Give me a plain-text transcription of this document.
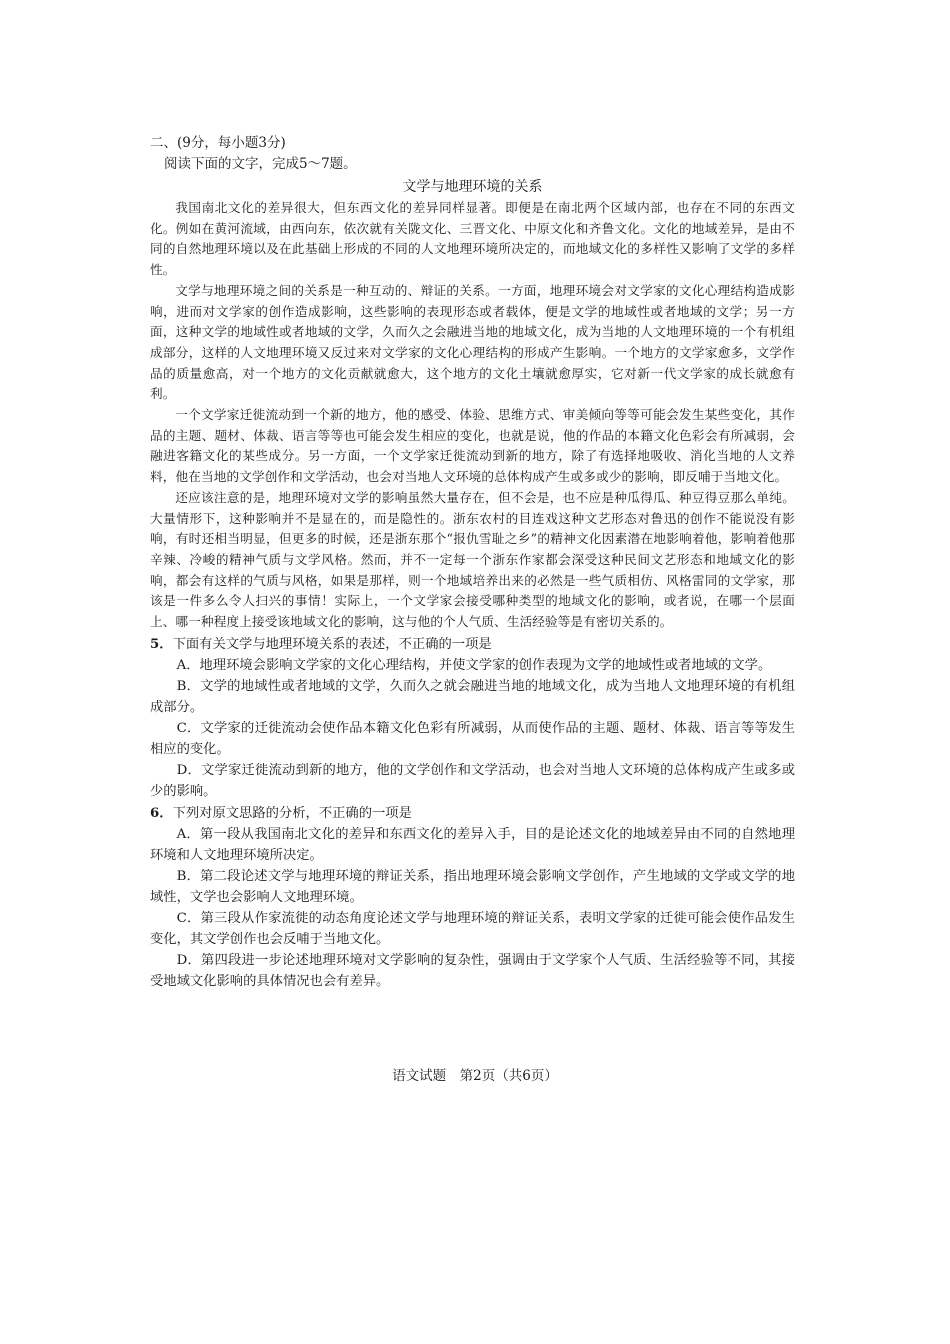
二、(9分，每小题3分)
阅读下面的文字，完成5～7题。
文学与地理环境的关系

我国南北文化的差异很大，但东西文化的差异同样显著。即便是在南北两个区域内部，也存在不同的东西文化。例如在黄河流域，由西向东，依次就有关陇文化、三晋文化、中原文化和齐鲁文化。文化的地域差异，是由不同的自然地理环境以及在此基础上形成的不同的人文地理环境所决定的，而地域文化的多样性又影响了文学的多样性。

文学与地理环境之间的关系是一种互动的、辩证的关系。一方面，地理环境会对文学家的文化心理结构造成影响，进而对文学家的创作造成影响，这些影响的表现形态或者载体，便是文学的地域性或者地域的文学；另一方面，这种文学的地域性或者地域的文学，久而久之会融进当地的地域文化，成为当地的人文地理环境的一个有机组成部分，这样的人文地理环境又反过来对文学家的文化心理结构的形成产生影响。一个地方的文学家愈多，文学作品的质量愈高，对一个地方的文化贡献就愈大，这个地方的文化土壤就愈厚实，它对新一代文学家的成长就愈有利。

一个文学家迁徙流动到一个新的地方，他的感受、体验、思维方式、审美倾向等等可能会发生某些变化，其作品的主题、题材、体裁、语言等等也可能会发生相应的变化，也就是说，他的作品的本籍文化色彩会有所减弱，会融进客籍文化的某些成分。另一方面，一个文学家迁徙流动到新的地方，除了有选择地吸收、消化当地的人文养料，他在当地的文学创作和文学活动，也会对当地人文环境的总体构成产生或多或少的影响，即反哺于当地文化。

还应该注意的是，地理环境对文学的影响虽然大量存在，但不会是，也不应是种瓜得瓜、种豆得豆那么单纯。大量情形下，这种影响并不是显在的，而是隐性的。浙东农村的目连戏这种文艺形态对鲁迅的创作不能说没有影响，有时还相当明显，但更多的时候，还是浙东那个“报仇雪耻之乡”的精神文化因素潜在地影响着他，影响着他那辛辣、冷峻的精神气质与文学风格。然而，并不一定每一个浙东作家都会深受这种民间文艺形态和地域文化的影响，都会有这样的气质与风格，如果是那样，则一个地域培养出来的必然是一些气质相仿、风格雷同的文学家，那该是一件多么令人扫兴的事情！实际上，一个文学家会接受哪种类型的地域文化的影响，或者说，在哪一个层面上、哪一种程度上接受该地域文化的影响，这与他的个人气质、生活经验等是有密切关系的。

5．下面有关文学与地理环境关系的表述，不正确的一项是

A．地理环境会影响文学家的文化心理结构，并使文学家的创作表现为文学的地域性或者地域的文学。

B．文学的地域性或者地域的文学，久而久之就会融进当地的地域文化，成为当地人文地理环境的有机组成部分。

C．文学家的迁徙流动会使作品本籍文化色彩有所减弱，从而使作品的主题、题材、体裁、语言等等发生相应的变化。

D．文学家迁徙流动到新的地方，他的文学创作和文学活动，也会对当地人文环境的总体构成产生或多或少的影响。

6．下列对原文思路的分析，不正确的一项是

A．第一段从我国南北文化的差异和东西文化的差异入手，目的是论述文化的地域差异由不同的自然地理环境和人文地理环境所决定。

B．第二段论述文学与地理环境的辩证关系，指出地理环境会影响文学创作，产生地域的文学或文学的地域性，文学也会影响人文地理环境。

C．第三段从作家流徙的动态角度论述文学与地理环境的辩证关系，表明文学家的迁徙可能会使作品发生变化，其文学创作也会反哺于当地文化。

D．第四段进一步论述地理环境对文学影响的复杂性，强调由于文学家个人气质、生活经验等不同，其接受地域文化影响的具体情况也会有差异。

语文试题　第2页（共6页）
